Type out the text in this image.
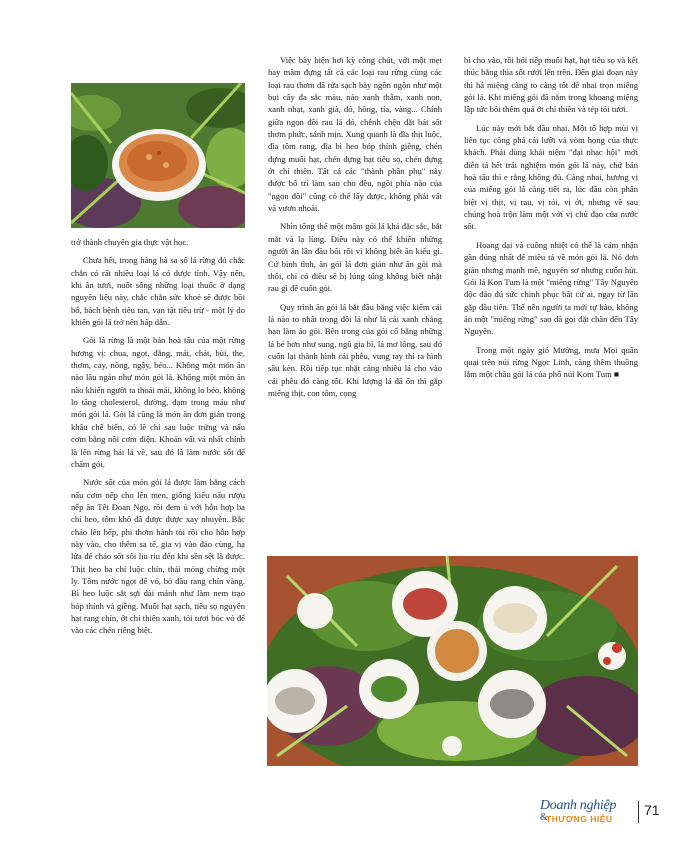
trở thành chuyên gia thực vật học.

Chưa hết, trong hàng hà sa số lá rừng đó chắc chắn có rất nhiều loại lá có dược tính. Vậy nên, khi ăn tươi, nuốt sống những loại thuốc ở dạng nguyên liệu này, chắc chắn sức khoẻ sẽ được bồi bổ, bách bệnh tiêu tan, vạn tật tiêu trừ - một lý do khiến gỏi lá trở nên hấp dẫn.

Gỏi lá rừng là một bản hoà tấu của một rừng hương vị: chua, ngọt, đắng, mát, chát, bùi, the, thơm, cay, nồng, ngậy, béo... Không một món ăn nào lâu ngán như món gỏi lá. Không một món ăn nào khiến người ta thoải mái, không lo béo, không lo tăng cholesterol, đường, đạm trong máu như món gỏi lá. Gỏi lá cũng là món ăn đơn giản trong khâu chế biến, có lẽ chỉ sau luộc trứng và nấu cơm bằng nồi cơm điện. Khoản vất vả nhất chính là lên rừng hái lá về, sau đó là làm nước sốt để chấm gỏi.

Nước sốt của món gỏi lá được làm bằng cách nấu cơm nếp cho lên men, giống kiểu nấu rượu nếp ăn Tết Đoan Ngọ, rồi đem ủ với hỗn hợp ba chỉ heo, tôm khô đã được được xay nhuyễn. Bắc chảo lên bếp, phi thơm hành tỏi rồi cho hỗn hợp này vào, cho thêm sa tế, gia vị vào đảo cùng, hạ lửa để cháo sốt sôi liu riu đến khi sền sệt là được. Thịt heo ba chỉ luộc chín, thái mỏng chừng một ly. Tôm nước ngọt để vỏ, bỏ đầu rang chín vàng. Bì heo luộc sắt sợi dài mảnh như làm nem trạo bóp thính và giềng. Muối hạt sạch, tiêu sọ nguyên hạt rang chín, ớt chỉ thiên xanh, tỏi tươi bóc vỏ để vào các chén riêng biệt.

Việc bày biện hơi kỳ công chút, với một mẹt hay mâm đựng tất cả các loại rau rừng cùng các loại rau thơm đã rửa sạch bày ngồn ngộn như một bụi cây đa sắc màu, nào xanh thẫm, xanh non, xanh nhạt, xanh già, đỏ, hồng, tía, vàng... Chính giữa ngọn đồi rau lá đó, chễnh chện đặt bát sốt thơm phức, sánh mịn. Xung quanh là đĩa thịt luộc, đĩa tôm rang, đĩa bì heo bóp thính giềng, chén đựng muối hạt, chén đựng hạt tiêu sọ, chén đựng ớt chỉ thiên. Tất cả các "thành phần phụ" này được bố trí làm sao cho đều, ngồi phía nào của "ngọn đồi" cũng có thể lấy được, không phải vất và vươn nhoài.

Nhìn tổng thể một mâm gỏi lá khá đặc sắc, bắt mắt và lạ lùng. Điều này có thể khiến những người ăn lần đầu bối rối vì không biết ăn kiểu gì. Cứ bình tĩnh, ăn gỏi lá đơn giản như ăn gỏi mà thôi, chỉ có điều sẽ bị lúng túng không biết nhặt rau gì để cuốn gỏi.

Quy trình ăn gỏi lá bắt đầu bằng việc kiếm cái lá nào to nhất trong đồi lá như lá cải xanh chẳng hạn làm áo gỏi. Bên trong của gỏi cố bằng những lá bé hơn như sung, ngũ gia bì, lá mơ lông, sau đó cuốn lại thành hình cái phễu, vung tay thì ra hình sâu kèn. Rồi tiếp tục nhặt càng nhiều lá cho vào cái phễu đó càng tốt. Khi lượng lá đã ốn thì gắp miếng thịt, con tôm, cọng

bì cho vào, rồi bỏi tiếp muối hạt, hạt tiêu sọ và kết thúc bằng thìa sốt rưới lên trên. Đến giai đoạn này thì há miệng càng to càng tốt để nhai trọn miếng gỏi lá. Khi miếng gỏi đã nằm trong khoang miệng lập tức bỏi thêm quả ớt chỉ thiên và tép tỏi tươi.

Lúc này mới bắt đầu nhai. Một tổ hợp mùi vị liên tục công phá cái lưỡi và vòm họng của thực khách. Phải dùng khái niệm "đại nhạc hội" mới diễn tả hết trải nghiệm món gỏi lá này, chứ bản hoà tấu thì e rằng không đủ. Càng nhai, hương vị của miếng gỏi lá càng tiết ra, lúc đầu còn phân biệt vị thịt, vị rau, vị tỏi, vị ớt, nhưng về sau chúng hoà trộn làm một với vị chủ đạo của nước sốt.

Hoang dại và cuồng nhiệt có thể là cảm nhận gần đúng nhất để miêu tả về món gỏi lá. Nó đơn giản nhưng mạnh mẽ, nguyên sơ nhưng cuốn hút. Gỏi lá Kon Tum là một "miếng rừng" Tây Nguyên độc đáo đủ sức chinh phục bất cứ ai, ngay từ lần gặp đầu tiên. Thế nên người ta mới tự hào, không ăn một "miếng rừng" sao đã gọi đặt chân đến Tây Nguyên.

Trong một ngày gió Mường, mưa Mọi quần quại trên núi rừng Ngọc Linh, càng thêm thuồng lắm một chầu gỏi lá của phố núi Kom Tum ■

Doanh nghiệp
&
THƯƠNG HIỆU
71
